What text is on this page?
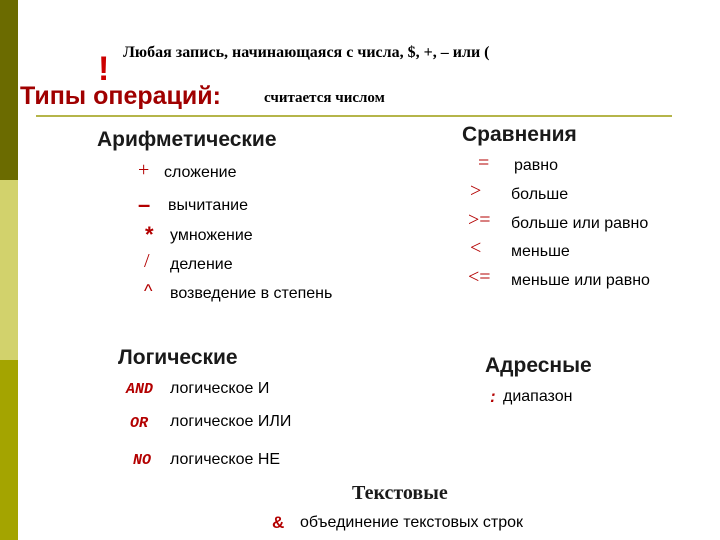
! Любая запись, начинающаяся с числа, $, +, – или (
считается числом
Типы операций:
Арифметические
+ сложение
– вычитание
* умножение
/ деление
^ возведение в степень
Сравнения
= равно
> больше
>= больше или равно
< меньше
<= меньше или равно
Логические
AND логическое И
OR логическое ИЛИ
NO логическое НЕ
Адресные
: диапазон
Текстовые
& объединение текстовых строк
